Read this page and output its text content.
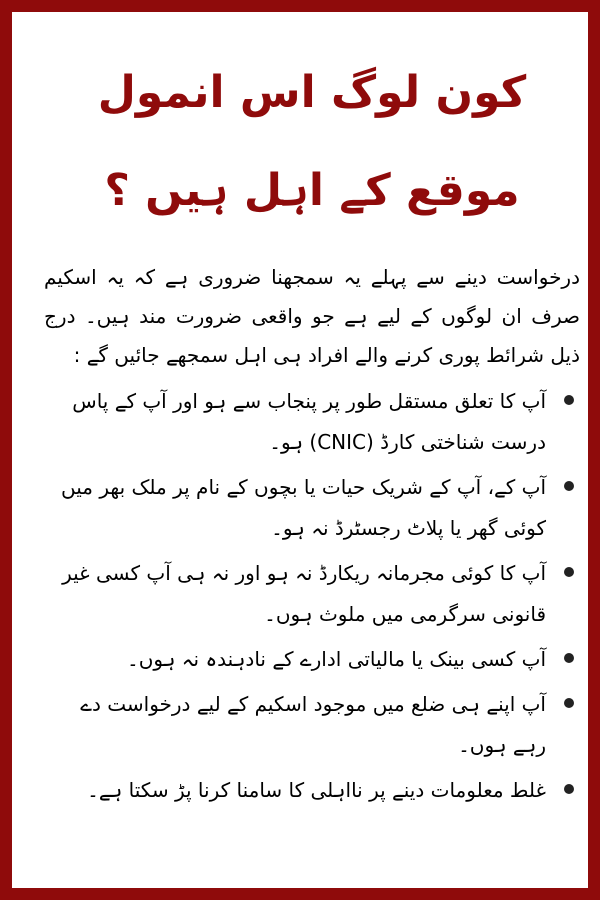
کون لوگ اس انمول موقع کے اہل ہیں ؟

درخواست دینے سے پہلے یہ سمجھنا ضروری ہے کہ یہ اسکیم صرف ان لوگوں کے لیے ہے جو واقعی ضرورت مند ہیں۔ درج ذیل شرائط پوری کرنے والے افراد ہی اہل سمجھے جائیں گے :

آپ کا تعلق مستقل طور پر پنجاب سے ہو اور آپ کے پاس درست شناختی کارڈ (CNIC) ہو۔
آپ کے، آپ کے شریک حیات یا بچوں کے نام پر ملک بھر میں کوئی گھر یا پلاٹ رجسٹرڈ نہ ہو۔
آپ کا کوئی مجرمانہ ریکارڈ نہ ہو اور نہ ہی آپ کسی غیر قانونی سرگرمی میں ملوث ہوں۔
آپ کسی بینک یا مالیاتی ادارے کے نادہندہ نہ ہوں۔
آپ اپنے ہی ضلع میں موجود اسکیم کے لیے درخواست دے رہے ہوں۔
غلط معلومات دینے پر نااہلی کا سامنا کرنا پڑ سکتا ہے۔
